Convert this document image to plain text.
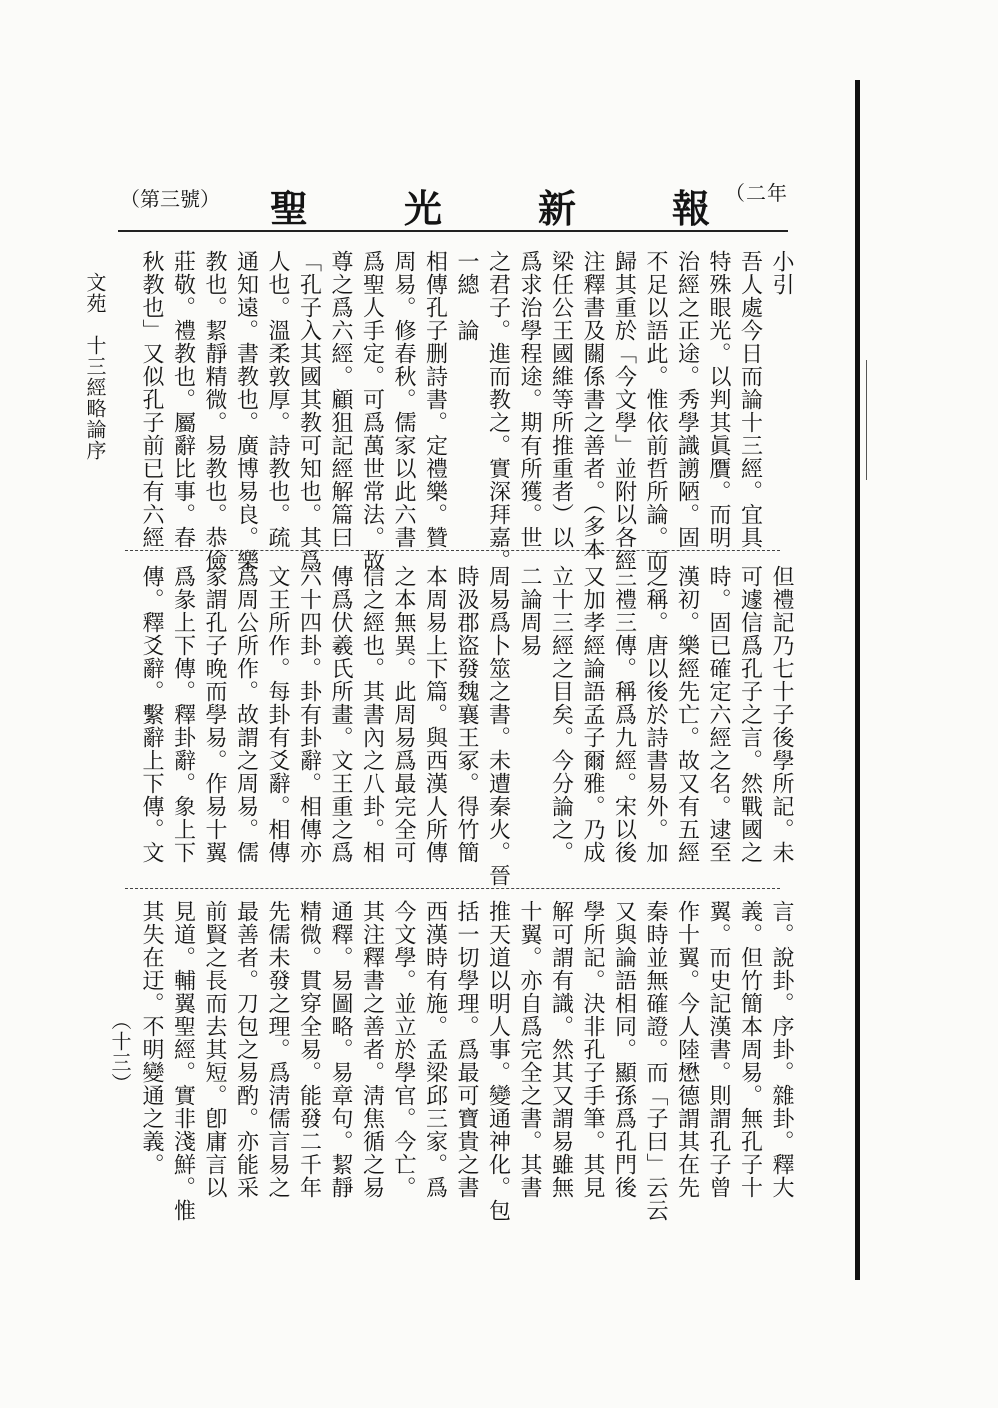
（二年
聖	光	新	報
（第三號）
文苑　十三經略論序
（十三）
小引
吾人處今日而論十三經。宜具
特殊眼光。以判其眞贋。而明
治經之正途。秀學識謭陋。固
不足以語此。惟依前哲所論。而
歸其重於「今文學」並附以各經
注釋書及關係書之善者。（多本
梁任公王國維等所推重者）以
爲求治學程途。期有所獲。世
之君子。進而教之。實深拜嘉。
一總　論
相傳孔子删詩書。定禮樂。贊
周易。修春秋。儒家以此六書
爲聖人手定。可爲萬世常法。故
尊之爲六經。顧狙記經解篇曰
「孔子入其國其教可知也。其爲
人也。溫柔敦厚。詩教也。疏
通知遠。書教也。廣博易良。樂
教也。絜靜精微。易教也。恭儉
莊敬。禮教也。屬辭比事。春
秋教也」又似孔子前已有六經
但禮記乃七十子後學所記。未
可遽信爲孔子之言。然戰國之
時。固已確定六經之名。逮至
漢初。樂經先亡。故又有五經
之稱。唐以後於詩書易外。加
三禮三傳。稱爲九經。宋以後
又加孝經論語孟子爾雅。乃成
立十三經之目矣。今分論之。
二論周易
周易爲卜筮之書。未遭秦火。晉
時汲郡盜發魏襄王冢。得竹簡
本周易上下篇。與西漢人所傳
之本無異。此周易爲最完全可
信之經也。其書內之八卦。相
傳爲伏羲氏所畫。文王重之爲
六十四卦。卦有卦辭。相傳亦
文王所作。每卦有爻辭。相傳
爲周公所作。故謂之周易。儒
家謂孔子晚而學易。作易十翼
爲彖上下傳。釋卦辭。象上下
傳。釋爻辭。繫辭上下傳。文
言。說卦。序卦。雜卦。釋大
義。但竹簡本周易。無孔子十
翼。而史記漢書。則謂孔子曾
作十翼。今人陸懋德謂其在先
秦時並無確證。而「子曰」云云
又與論語相同。顯孫爲孔門後
學所記。決非孔子手筆。其見
解可謂有識。然其又謂易雖無
十翼。亦自爲完全之書。其書
推天道以明人事。變通神化。包
括一切學理。爲最可寶貴之書
西漢時有施。孟梁邱三家。爲
今文學。並立於學官。今亡。
其注釋書之善者。淸焦循之易
通釋。易圖略。易章句。絜靜
精微。貫穿全易。能發二千年
先儒未發之理。爲淸儒言易之
最善者。刀包之易酌。亦能采
前賢之長而去其短。卽庸言以
見道。輔翼聖經。實非淺鮮。惟
其失在迂。不明變通之義。
